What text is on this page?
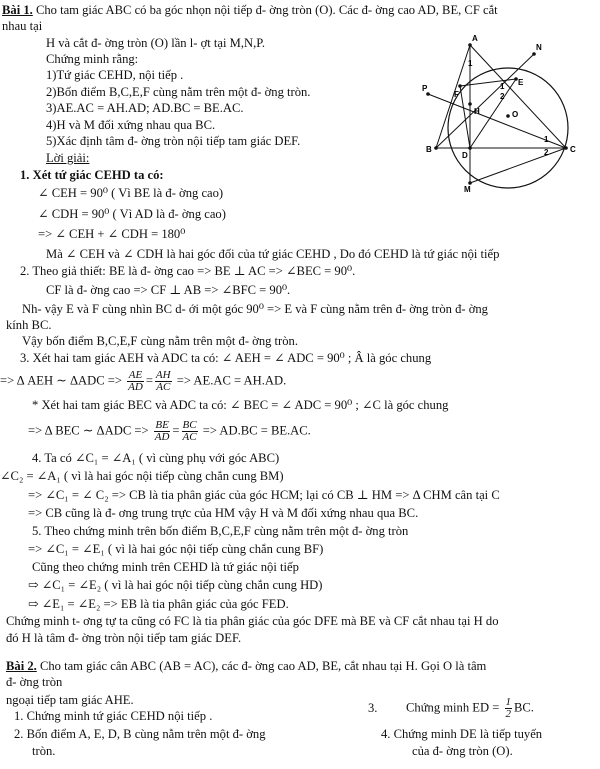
Bài 1. Cho tam giác ABC có ba góc nhọn nội tiếp đ- ờng tròn (O). Các đ- ờng cao AD, BE, CF cắt
nhau tại
H và cắt đ- ờng tròn (O) lần l- ợt tại M,N,P.
Chứng minh rằng:
1)Tứ giác CEHD, nội tiếp .
2)Bốn điểm B,C,E,F cùng nằm trên một đ- ờng tròn.
3)AE.AC = AH.AD; AD.BC = BE.AC.
4)H và M đối xứng nhau qua BC.
5)Xác định tâm đ- ờng tròn nội tiếp tam giác DEF.
Lời giải:
A
N
P
E
F
H	O
B
D
C
M
1
1
2
1
2
1. Xét tứ giác CEHD ta có:
∠ CEH = 90⁰ ( Vì BE là đ- ờng cao)
∠ CDH = 90⁰ ( Vì AD là đ- ờng cao)
=> ∠ CEH + ∠ CDH = 180⁰
Mà ∠ CEH và ∠ CDH là hai góc đối của tứ giác CEHD , Do đó CEHD là tứ giác nội tiếp
2. Theo giả thiết: BE là đ- ờng cao => BE ⊥ AC => ∠BEC = 90⁰.
CF là đ- ờng cao => CF ⊥ AB => ∠BFC = 90⁰.
Nh- vậy E và F cùng nhìn BC d- ới một góc 90⁰ => E và F cùng nằm trên đ- ờng tròn đ- ờng
kính BC.
Vậy bốn điểm B,C,E,F cùng nằm trên một đ- ờng tròn.
3. Xét hai tam giác AEH và ADC ta có: ∠ AEH = ∠ ADC = 90⁰ ; Â là góc chung
=> Δ AEH ∼ $\Delta ADC => \frac{AE}{AD} = \frac{AH}{AC} => AE.AC = AH.AD$.
* Xét hai tam giác BEC và ADC ta có: ∠ BEC = ∠ ADC = 90⁰ ; ∠C là góc chung
=> Δ BEC ∼ $\Delta ADC => \frac{BE}{AD} = \frac{BC}{AC} => AD.BC = BE.AC$.
4. Ta có ∠C₁ = ∠A₁ ( vì cùng phụ với góc ABC)
∠C₂ = ∠A₁ ( vì là hai góc nội tiếp cùng chắn cung BM)
=> ∠C₁ = ∠ C₂ => CB là tia phân giác của góc HCM; lại có CB ⊥ HM => Δ CHM cân tại C
=> CB cũng là đ- ơng trung trực của HM vậy H và M đối xứng nhau qua BC.
5. Theo chứng minh trên bốn điểm B,C,E,F cùng nằm trên một đ- ờng tròn
=> ∠C₁ = ∠E₁ ( vì là hai góc nội tiếp cùng chắn cung BF)
Cũng theo chứng minh trên CEHD là tứ giác nội tiếp
⇨ ∠C₁ = ∠E₂ ( vì là hai góc nội tiếp cùng chắn cung HD)
⇨ ∠E₁ = ∠E₂ => EB là tia phân giác của góc FED.
Chứng minh t- ơng tự ta cũng có FC là tia phân giác của góc DFE mà BE và CF cắt nhau tại H do
đó H là tâm đ- ờng tròn nội tiếp tam giác DEF.
Bài 2. Cho tam giác cân ABC (AB = AC), các đ- ờng cao AD, BE, cắt nhau tại H. Gọi O là tâm
đ- ờng tròn
ngoại tiếp tam giác AHE.
1. Chứng minh tứ giác CEHD nội tiếp .
2. Bốn điểm A, E, D, B cùng nằm trên một đ- ờng
tròn.
3. Chứng minh ED = $\frac{1}{2}$ BC.
4. Chứng minh DE là tiếp tuyến
của đ- ờng tròn (O).
